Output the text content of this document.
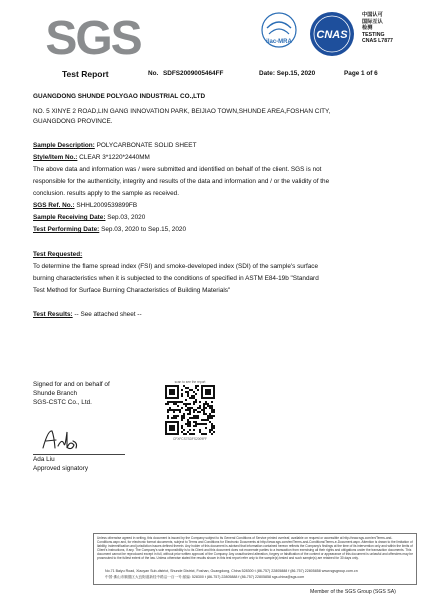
SGS	ilac-MRA
CNAS
中国认可
国际互认
检测
TESTING
CNAS L7877
Test Report	No. SDFS2009005464FF	Date: Sep.15, 2020	Page 1 of 6
GUANGDONG SHUNDE POLYGAO INDUSTRIAL CO.,LTD
NO. 5 XINYE 2 ROAD,LIN GANG INNOVATION PARK, BEIJIAO TOWN,SHUNDE AREA,FOSHAN CITY,
GUANGDONG PROVINCE.
Sample Description: POLYCARBONATE SOLID SHEET
Style/Item No.: CLEAR 3*1220*2440MM
The above data and information was / were submitted and identified on behalf of the client. SGS is not
responsible for the authenticity, integrity and results of the data and information and / or the validity of the
conclusion. results apply to the sample as received.
SGS Ref. No.: SHHL2009539899FB
Sample Receiving Date: Sep.03, 2020
Test Performing Date: Sep.03, 2020 to Sep.15, 2020
Test Requested:
To determine the flame spread index (FSI) and smoke-developed index (SDI) of the sample's surface
burning characteristics when it is subjected to the conditions of specified in ASTM E84-19b "Standard
Test Method for Surface Burning Characteristics of Building Materials"
Test Results: -- See attached sheet --
Signed for and on behalf of
Shunde Branch
SGS-CSTC Co., Ltd.
Ada Liu
Approved signatory
scan to see the report
CFXFCS7SDFS2009FF
Unless otherwise agreed in writing, this document is issued by the Company subject to its General Conditions of Service printed overleaf, available on request or accessible at http://www.sgs.com/en/Terms-and-Conditions.aspx and, for electronic format documents, subject to Terms and Conditions for Electronic Documents at http://www.sgs.com/en/Terms-and-Conditions/Terms-e-Document.aspx. Attention is drawn to the limitation of liability, indemnification and jurisdiction issues defined therein. Any holder of this document is advised that information contained hereon reflects the Company's findings at the time of its intervention only and within the limits of Client's instructions, if any. The Company's sole responsibility is to its Client and this document does not exonerate parties to a transaction from exercising all their rights and obligations under the transaction documents. This document cannot be reproduced except in full, without prior written approval of the Company. Any unauthorized alteration, forgery or falsification of the content or appearance of this document is unlawful and offenders may be prosecuted to the fullest extent of the law. Unless otherwise stated the results shown in this test report refer only to the sample(s) tested and such sample(s) are retained for 30 days only.
No.71 Baiyu Road, Xiaoyan Sub-district, Shunde District, Foshan, Guangdong, China 528300 t (86-757) 22805888 f (86-757) 22805858 www.sgsgroup.com.cn
中国·佛山市顺德区大良街道新桂中路沿一百一号 邮编: 528300 t (86-757) 22805888 f (86-757) 22805858 sgs.china@sgs.com
Member of the SGS Group (SGS SA)
